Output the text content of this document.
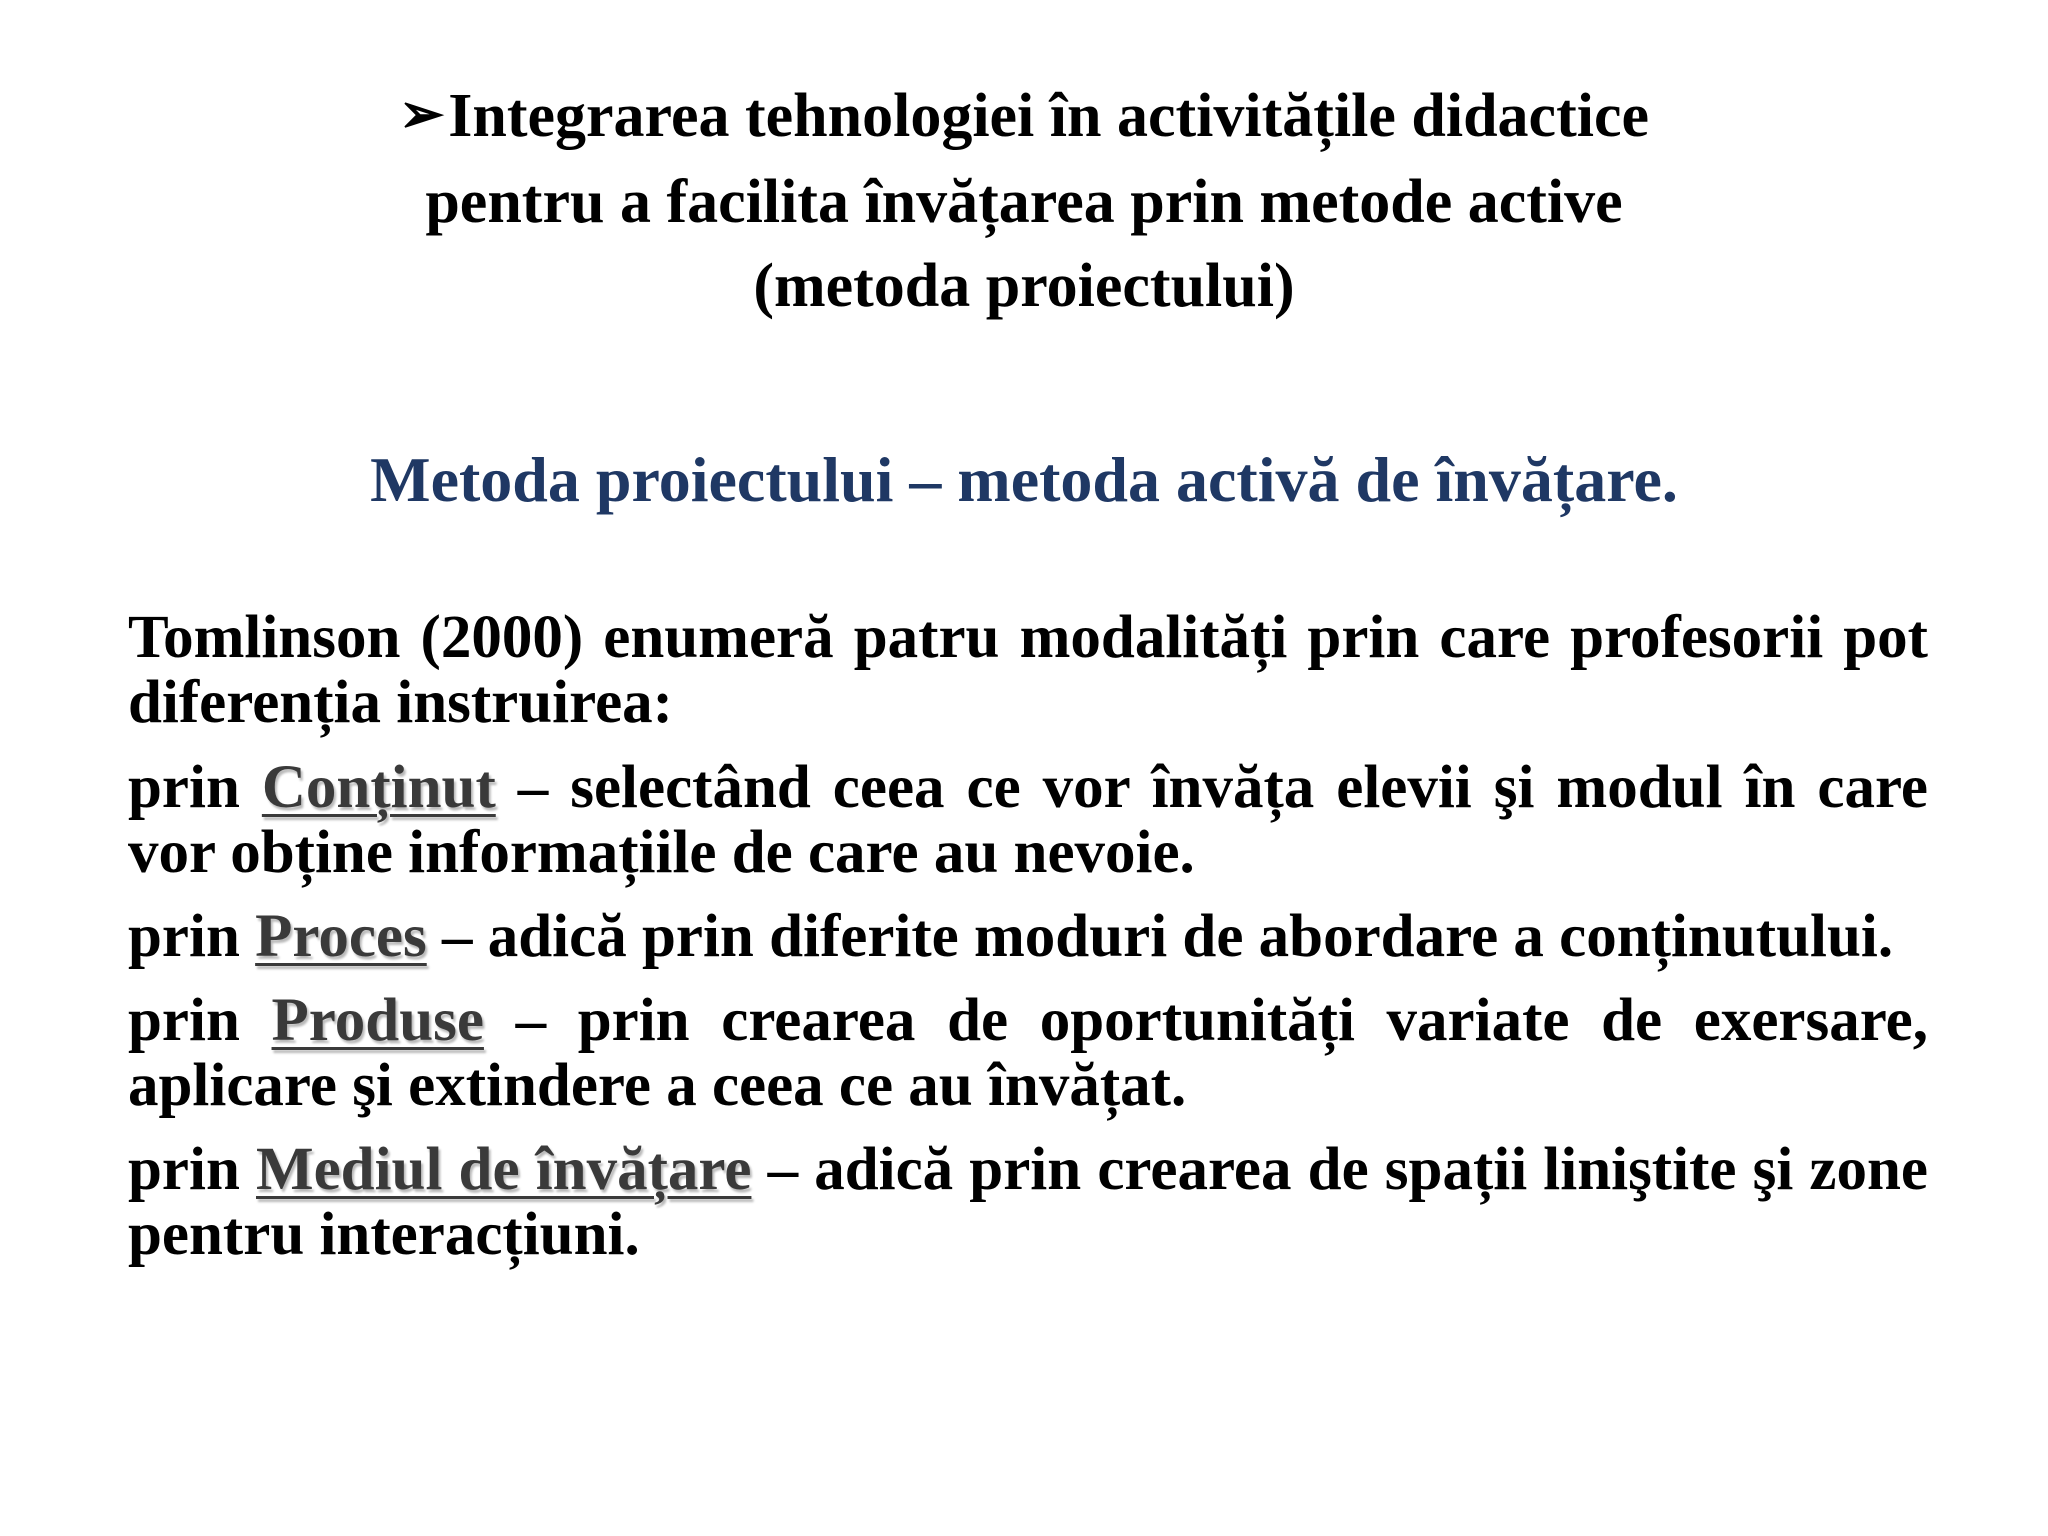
➢Integrarea tehnologiei în activitățile didactice
pentru a facilita învățarea prin metode active
(metoda proiectului)
Metoda proiectului – metoda activă de învățare.

Tomlinson (2000) enumeră patru modalități prin care profesorii pot diferenția instruirea:

prin Conținut – selectând ceea ce vor învăța elevii şi modul în care vor obține informațiile de care au nevoie.

prin Proces – adică prin diferite moduri de abordare a conținutului.

prin Produse – prin crearea de oportunități variate de exersare, aplicare şi extindere a ceea ce au învățat.

prin Mediul de învățare – adică prin crearea de spații liniştite şi zone pentru interacțiuni.
